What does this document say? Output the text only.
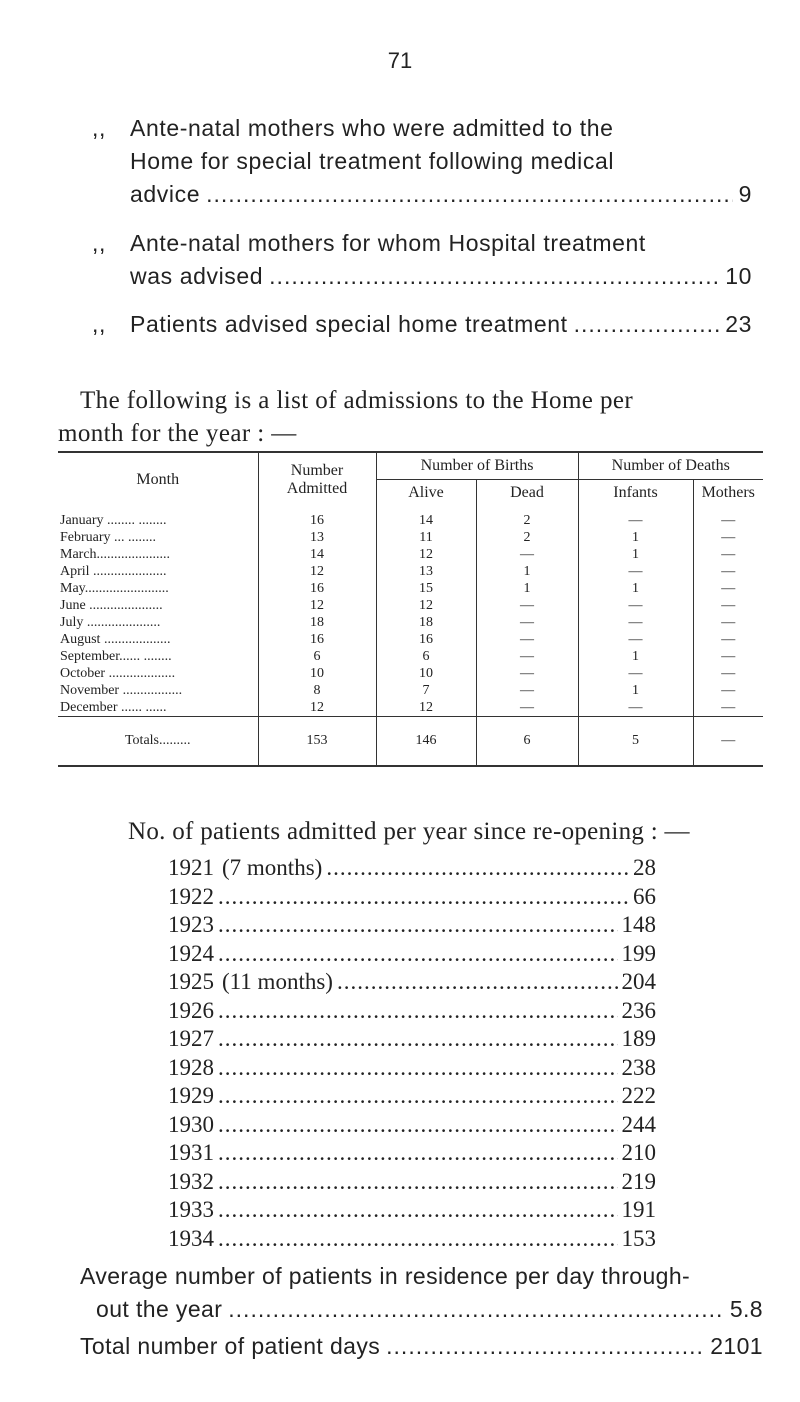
71
,, Ante-natal mothers who were admitted to the
Home for special treatment following medical
advice .....	9
,, Ante-natal mothers for whom Hospital treatment
was advised .....	10
,, Patients advised special home treatment .....	23
The following is a list of admissions to the Home per
month for the year : —
Month	Number Admitted	Number of Births		Number of Deaths	
		Alive	Dead	Infants	Mothers
January ........ ........	16	14	2	—	—
February ... ........	13	11	2	1	—
March.....................	14	12	—	1	—
April .....................	12	13	1	—	—
May........................	16	15	1	1	—
June .....................	12	12	—	—	—
July .....................	18	18	—	—	—
August ...................	16	16	—	—	—
September...... ........	6	6	—	1	—
October ...................	10	10	—	—	—
November .................	8	7	—	1	—
December ...... ......	12	12	—	—	—
Totals.........	153	146	6	5	—
No. of patients admitted per year since re-opening : —
1921 (7 months) .....	28
1922 .....	66
1923 .....	148
1924 .....	199
1925 (11 months) .....	204
1926 .....	236
1927 .....	189
1928 .....	238
1929 .....	222
1930 .....	244
1931 .....	210
1932 .....	219
1933 .....	191
1934 .....	153
Average number of patients in residence per day through-
out the year .....	5.8
Total number of patient days .....	2101
